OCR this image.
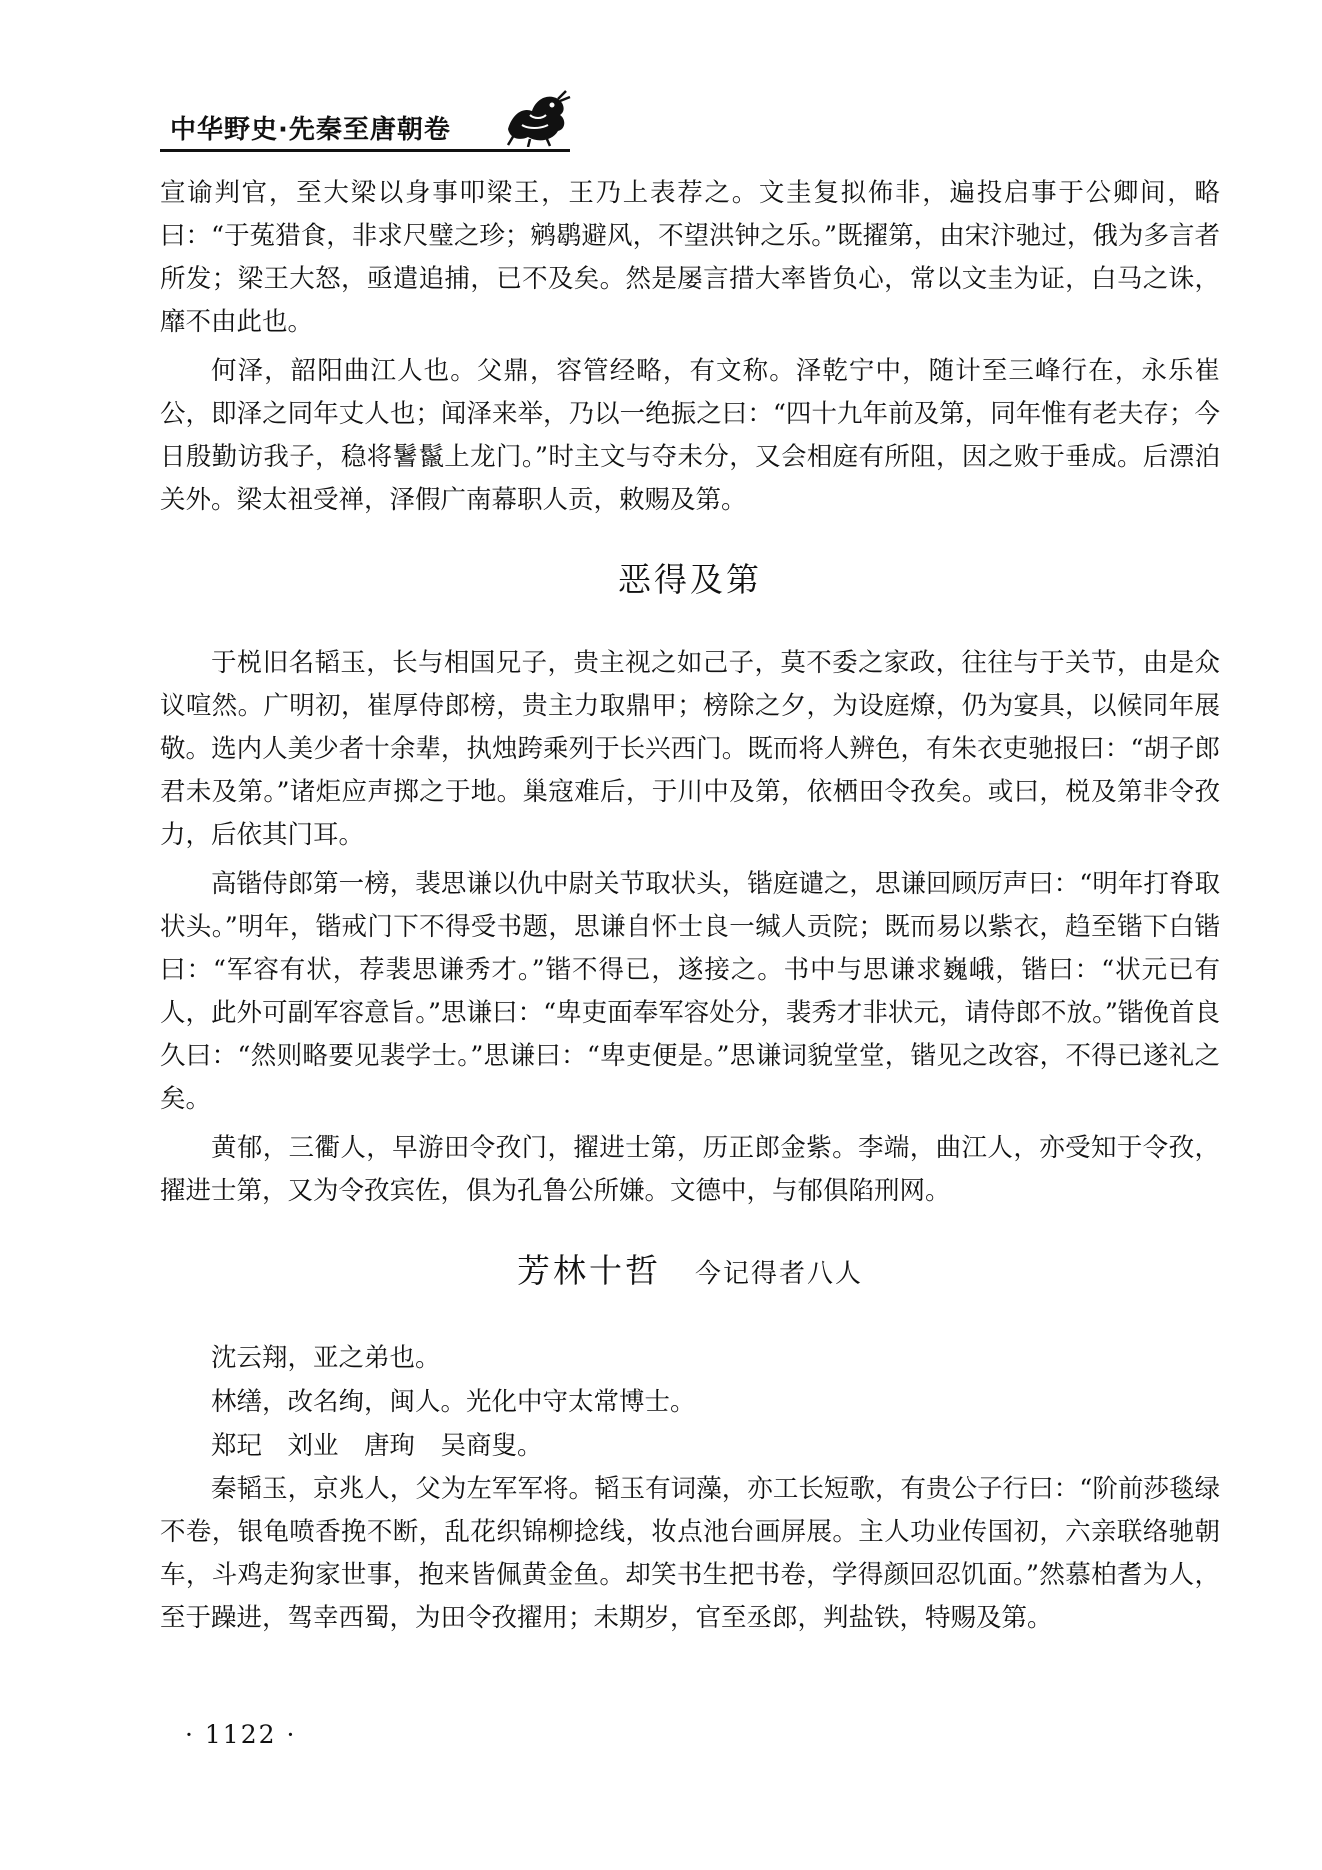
中华野史·先秦至唐朝卷

宣谕判官，至大梁以身事叩梁王，王乃上表荐之。文圭复拟佈非，遍投启事于公卿间，略曰：“于菟猎食，非求尺璧之珍；鹓鹖避风，不望洪钟之乐。”既擢第，由宋汴驰过，俄为多言者所发；梁王大怒，亟遣追捕，已不及矣。然是屡言措大率皆负心，常以文圭为证，白马之诛，靡不由此也。

何泽，韶阳曲江人也。父鼎，容管经略，有文称。泽乾宁中，随计至三峰行在，永乐崔公，即泽之同年丈人也；闻泽来举，乃以一绝振之曰：“四十九年前及第，同年惟有老夫存；今日殷勤访我子，稳将鬐鬣上龙门。”时主文与夺未分，又会相庭有所阻，因之败于垂成。后漂泊关外。梁太祖受禅，泽假广南幕职人贡，敕赐及第。

恶得及第

于棁旧名韬玉，长与相国兄子，贵主视之如己子，莫不委之家政，往往与于关节，由是众议喧然。广明初，崔厚侍郎榜，贵主力取鼎甲；榜除之夕，为设庭燎，仍为宴具，以候同年展敬。选内人美少者十余辈，执烛跨乘列于长兴西门。既而将人辨色，有朱衣吏驰报曰：“胡子郎君未及第。”诸炬应声掷之于地。巢寇难后，于川中及第，依栖田令孜矣。或曰，棁及第非令孜力，后依其门耳。

高锴侍郎第一榜，裴思谦以仇中尉关节取状头，锴庭谴之，思谦回顾厉声曰：“明年打脊取状头。”明年，锴戒门下不得受书题，思谦自怀士良一缄人贡院；既而易以紫衣，趋至锴下白锴曰：“军容有状，荐裴思谦秀才。”锴不得已，遂接之。书中与思谦求巍峨，锴曰：“状元已有人，此外可副军容意旨。”思谦曰：“卑吏面奉军容处分，裴秀才非状元，请侍郎不放。”锴俛首良久曰：“然则略要见裴学士。”思谦曰：“卑吏便是。”思谦词貌堂堂，锴见之改容，不得已遂礼之矣。

黄郁，三衢人，早游田令孜门，擢进士第，历正郎金紫。李端，曲江人，亦受知于令孜，擢进士第，又为令孜宾佐，俱为孔鲁公所嫌。文德中，与郁俱陷刑网。

芳林十哲 今记得者八人

沈云翔，亚之弟也。

林缮，改名绚，闽人。光化中守太常博士。

郑玘　刘业　唐珣　吴商叟。

秦韬玉，京兆人，父为左军军将。韬玉有词藻，亦工长短歌，有贵公子行曰：“阶前莎毯绿不卷，银龟喷香挽不断，乱花织锦柳捻线，妆点池台画屏展。主人功业传国初，六亲联络驰朝车，斗鸡走狗家世事，抱来皆佩黄金鱼。却笑书生把书卷，学得颜回忍饥面。”然慕柏耆为人，至于躁进，驾幸西蜀，为田令孜擢用；未期岁，官至丞郎，判盐铁，特赐及第。

· 1122 ·
